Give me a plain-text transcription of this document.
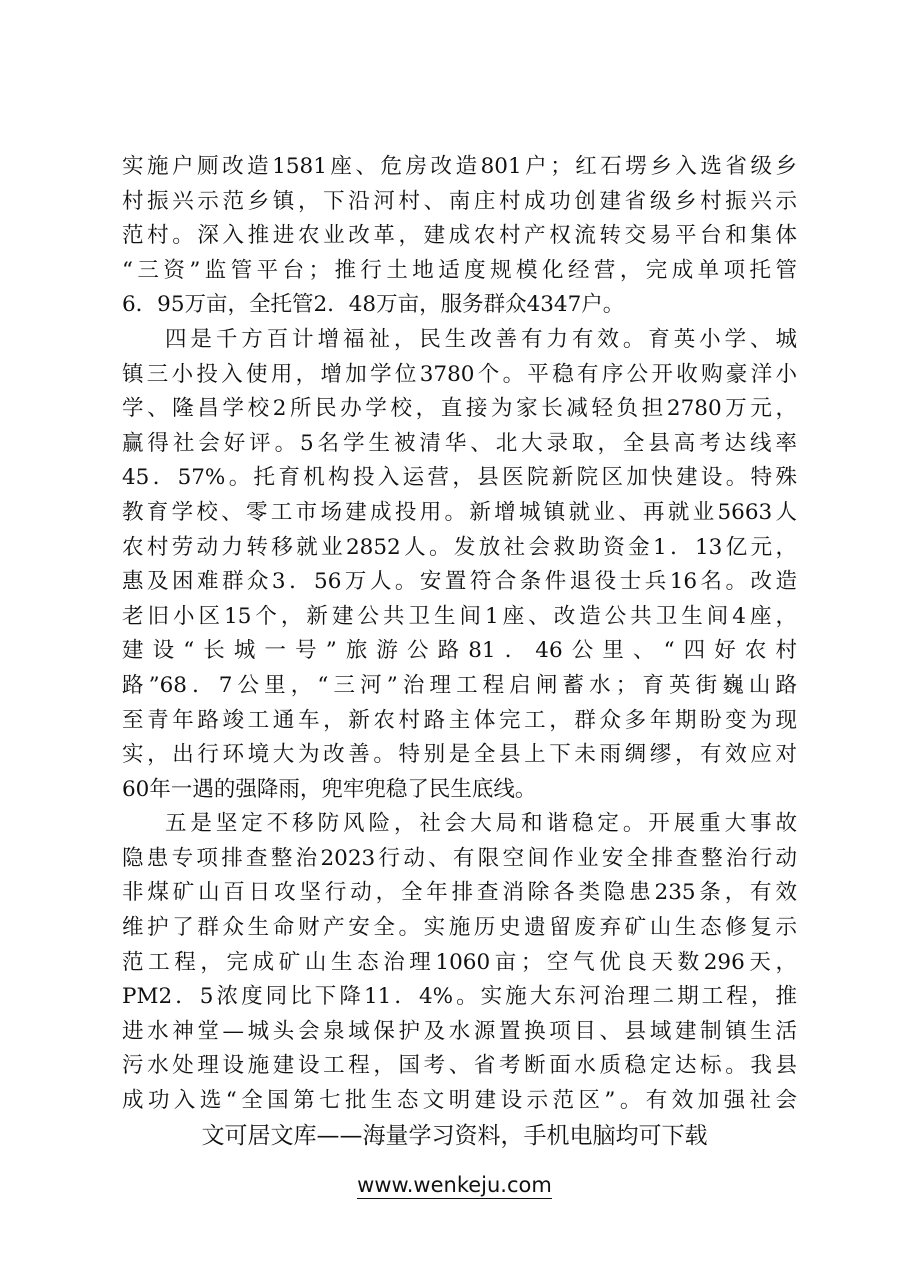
实施户厕改造1581座、危房改造801户；红石塄乡入选省级乡
村振兴示范乡镇，下沿河村、南庄村成功创建省级乡村振兴示
范村。深入推进农业改革，建成农村产权流转交易平台和集体
“三资”监管平台；推行土地适度规模化经营，完成单项托管
6．95万亩，全托管2．48万亩，服务群众4347户。
四是千方百计增福祉，民生改善有力有效。育英小学、城
镇三小投入使用，增加学位3780个。平稳有序公开收购豪洋小
学、隆昌学校2所民办学校，直接为家长减轻负担2780万元，
赢得社会好评。5名学生被清华、北大录取，全县高考达线率
45．57%。托育机构投入运营，县医院新院区加快建设。特殊
教育学校、零工市场建成投用。新增城镇就业、再就业5663人
农村劳动力转移就业2852人。发放社会救助资金1．13亿元，
惠及困难群众3．56万人。安置符合条件退役士兵16名。改造
老旧小区15个，新建公共卫生间1座、改造公共卫生间4座，
建设“长城一号”旅游公路81．46公里、“四好农村
路”68．7公里，“三河”治理工程启闸蓄水；育英街巍山路
至青年路竣工通车，新农村路主体完工，群众多年期盼变为现
实，出行环境大为改善。特别是全县上下未雨绸缪，有效应对
60年一遇的强降雨，兜牢兜稳了民生底线。
五是坚定不移防风险，社会大局和谐稳定。开展重大事故
隐患专项排查整治2023行动、有限空间作业安全排查整治行动
非煤矿山百日攻坚行动，全年排查消除各类隐患235条，有效
维护了群众生命财产安全。实施历史遗留废弃矿山生态修复示
范工程，完成矿山生态治理1060亩；空气优良天数296天，
PM2．5浓度同比下降11．4%。实施大东河治理二期工程，推
进水神堂—城头会泉域保护及水源置换项目、县域建制镇生活
污水处理设施建设工程，国考、省考断面水质稳定达标。我县
成功入选“全国第七批生态文明建设示范区”。有效加强社会
文可居文库——海量学习资料，手机电脑均可下载
www.wenkeju.com
